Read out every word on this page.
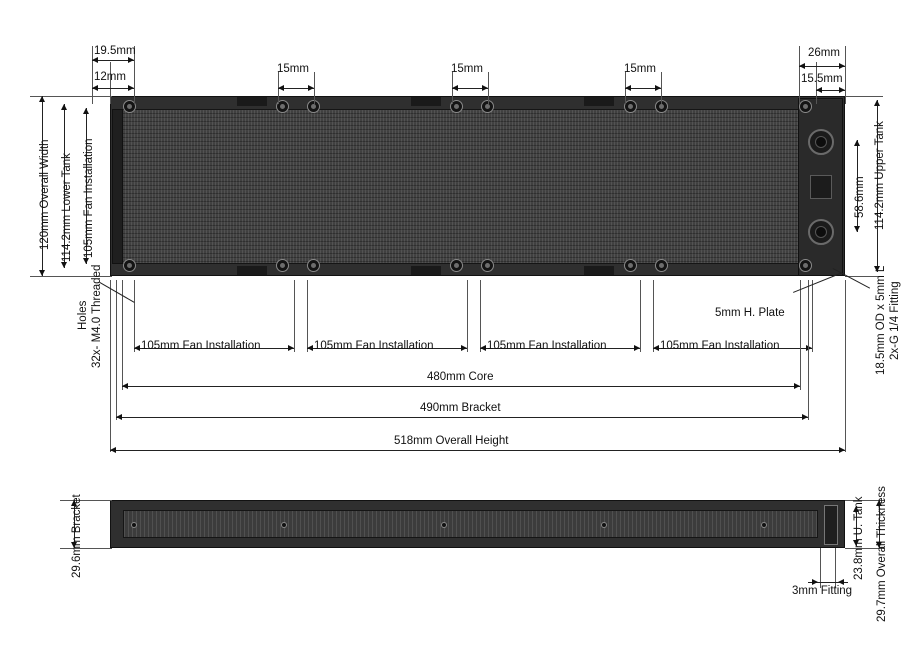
19.5mm
12mm
15mm	15mm	15mm
26mm
15.5mm
120mm Overall Width 114.2mm Lower Tank 105mm Fan Installation	114.2mm Upper Tank
58.6mm
2x-G 1/4 Fitting
18.5mm OD x 5mm L
105mm Fan Installation	105mm Fan Installation	105mm Fan Installation	105mm Fan Installation
480mm Core
490mm Bracket
518mm Overall Height
32x- M4.0 Threaded
Holes	5mm H. Plate
29.6mm Bracket	29.7mm Overall Thickness
23.8mm U. Tank
3mm Fitting
